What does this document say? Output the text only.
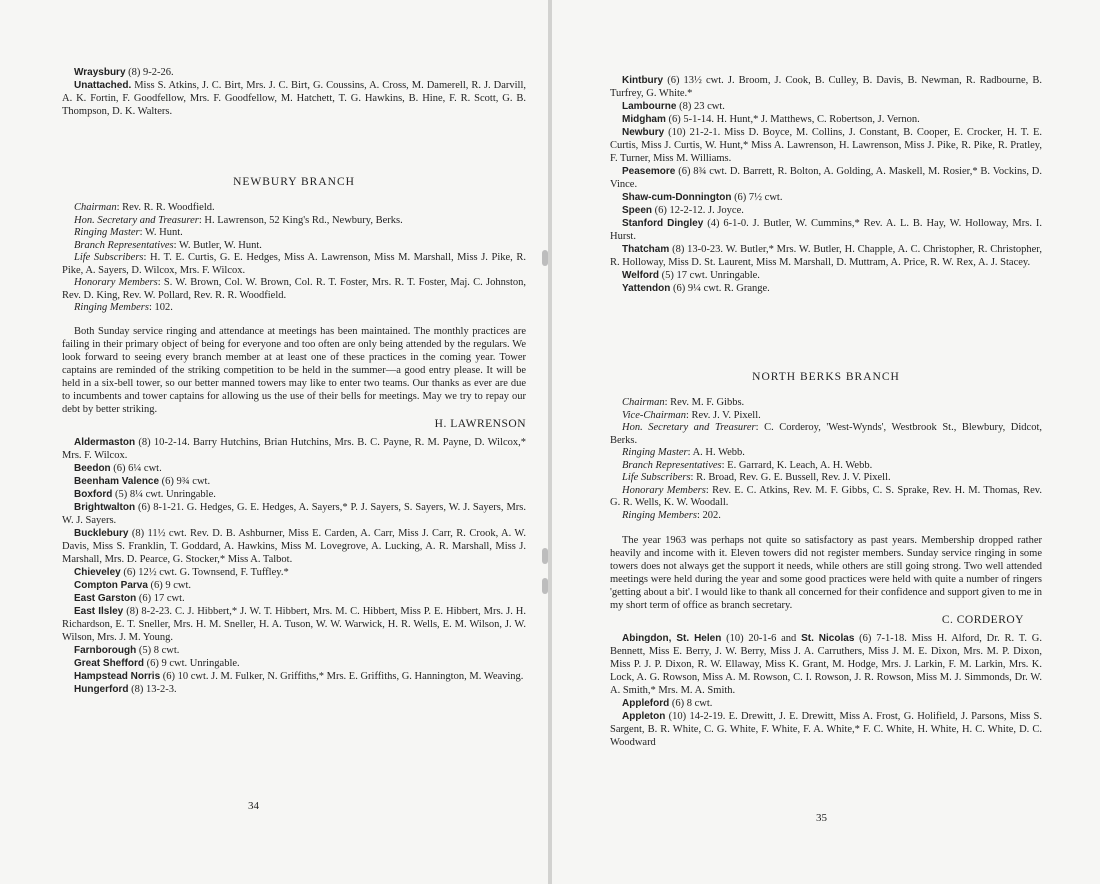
Wraysbury (8) 9-2-26.
Unattached. Miss S. Atkins, J. C. Birt, Mrs. J. C. Birt, G. Coussins, A. Cross, M. Damerell, R. J. Darvill, A. K. Fortin, F. Goodfellow, Mrs. F. Goodfellow, M. Hatchett, T. G. Hawkins, B. Hine, F. R. Scott, G. B. Thompson, D. K. Walters.
NEWBURY BRANCH
Chairman: Rev. R. R. Woodfield.
Hon. Secretary and Treasurer: H. Lawrenson, 52 King's Rd., Newbury, Berks.
Ringing Master: W. Hunt.
Branch Representatives: W. Butler, W. Hunt.
Life Subscribers: H. T. E. Curtis, G. E. Hedges, Miss A. Lawrenson, Miss M. Marshall, Miss J. Pike, R. Pike, A. Sayers, D. Wilcox, Mrs. F. Wilcox.
Honorary Members: S. W. Brown, Col. W. Brown, Col. R. T. Foster, Mrs. R. T. Foster, Maj. C. Johnston, Rev. D. King, Rev. W. Pollard, Rev. R. R. Woodfield.
Ringing Members: 102.

Both Sunday service ringing and attendance at meetings has been maintained. The monthly practices are failing in their primary object of being for everyone and too often are only being attended by the regulars. We look forward to seeing every branch member at at least one of these practices in the coming year. Tower captains are reminded of the striking competition to be held in the summer—a good entry please. It will be held in a six-bell tower, so our better manned towers may like to enter two teams. Our thanks as ever are due to incumbents and tower captains for allowing us the use of their bells for meetings. May we try to repay our debt by better striking.

H. LAWRENSON
Aldermaston (8) 10-2-14. Barry Hutchins, Brian Hutchins, Mrs. B. C. Payne, R. M. Payne, D. Wilcox,* Mrs. F. Wilcox.
Beedon (6) 6¼ cwt.
Beenham Valence (6) 9¾ cwt.
Boxford (5) 8¼ cwt. Unringable.
Brightwalton (6) 8-1-21. G. Hedges, G. E. Hedges, A. Sayers,* P. J. Sayers, S. Sayers, W. J. Sayers, Mrs. W. J. Sayers.
Bucklebury (8) 11½ cwt. Rev. D. B. Ashburner, Miss E. Carden, A. Carr, Miss J. Carr, R. Crook, A. W. Davis, Miss S. Franklin, T. Goddard, A. Hawkins, Miss M. Lovegrove, A. Lucking, A. R. Marshall, Miss J. Marshall, Mrs. D. Pearce, G. Stocker,* Miss A. Talbot.
Chieveley (6) 12½ cwt. G. Townsend, F. Tuffley.*
Compton Parva (6) 9 cwt.
East Garston (6) 17 cwt.
East Ilsley (8) 8-2-23. C. J. Hibbert,* J. W. T. Hibbert, Mrs. M. C. Hibbert, Miss P. E. Hibbert, Mrs. J. H. Richardson, E. T. Sneller, Mrs. H. M. Sneller, H. A. Tuson, W. W. Warwick, H. R. Wells, E. M. Wilson, J. W. Wilson, Mrs. J. M. Young.
Farnborough (5) 8 cwt.
Great Shefford (6) 9 cwt. Unringable.
Hampstead Norris (6) 10 cwt. J. M. Fulker, N. Griffiths,* Mrs. E. Griffiths, G. Hannington, M. Weaving.
Hungerford (8) 13-2-3.
34
Kintbury (6) 13½ cwt. J. Broom, J. Cook, B. Culley, B. Davis, B. Newman, R. Radbourne, B. Turfrey, G. White.*
Lambourne (8) 23 cwt.
Midgham (6) 5-1-14. H. Hunt,* J. Matthews, C. Robertson, J. Vernon.
Newbury (10) 21-2-1. Miss D. Boyce, M. Collins, J. Constant, B. Cooper, E. Crocker, H. T. E. Curtis, Miss J. Curtis, W. Hunt,* Miss A. Lawrenson, H. Lawrenson, Miss J. Pike, R. Pike, R. Pratley, F. Turner, Miss M. Williams.
Peasemore (6) 8¾ cwt. D. Barrett, R. Bolton, A. Golding, A. Maskell, M. Rosier,* B. Vockins, D. Vince.
Shaw-cum-Donnington (6) 7½ cwt.
Speen (6) 12-2-12. J. Joyce.
Stanford Dingley (4) 6-1-0. J. Butler, W. Cummins,* Rev. A. L. B. Hay, W. Holloway, Mrs. I. Hurst.
Thatcham (8) 13-0-23. W. Butler,* Mrs. W. Butler, H. Chapple, A. C. Christopher, R. Christopher, R. Holloway, Miss D. St. Laurent, Miss M. Marshall, D. Muttram, A. Price, R. W. Rex, A. J. Stacey.
Welford (5) 17 cwt. Unringable.
Yattendon (6) 9¼ cwt. R. Grange.
NORTH BERKS BRANCH
Chairman: Rev. M. F. Gibbs.
Vice-Chairman: Rev. J. V. Pixell.
Hon. Secretary and Treasurer: C. Corderoy, 'West-Wynds', Westbrook St., Blewbury, Didcot, Berks.
Ringing Master: A. H. Webb.
Branch Representatives: E. Garrard, K. Leach, A. H. Webb.
Life Subscribers: R. Broad, Rev. G. E. Bussell, Rev. J. V. Pixell.
Honorary Members: Rev. E. C. Atkins, Rev. M. F. Gibbs, C. S. Sprake, Rev. H. M. Thomas, Rev. G. R. Wells, K. W. Woodall.
Ringing Members: 202.

The year 1963 was perhaps not quite so satisfactory as past years. Membership dropped rather heavily and income with it. Eleven towers did not register members. Sunday service ringing in some towers does not always get the support it needs, while others are still going strong. Two well attended meetings were held during the year and some good practices were held with quite a number of ringers 'getting about a bit'. I would like to thank all concerned for their confidence and support given to me in my short term of office as branch secretary.

C. CORDEROY
Abingdon, St. Helen (10) 20-1-6 and St. Nicolas (6) 7-1-18. Miss H. Alford, Dr. R. T. G. Bennett, Miss E. Berry, J. W. Berry, Miss J. A. Carruthers, Miss J. M. E. Dixon, Mrs. M. P. Dixon, Miss P. J. P. Dixon, R. W. Ellaway, Miss K. Grant, M. Hodge, Mrs. J. Larkin, F. M. Larkin, Mrs. K. Lock, A. G. Rowson, Miss A. M. Rowson, C. I. Rowson, J. R. Rowson, Miss M. J. Simmonds, Dr. W. A. Smith,* Mrs. M. A. Smith.
Appleford (6) 8 cwt.
Appleton (10) 14-2-19. E. Drewitt, J. E. Drewitt, Miss A. Frost, G. Holifield, J. Parsons, Miss S. Sargent, B. R. White, C. G. White, F. White, F. A. White,* F. C. White, H. White, H. C. White, D. C. Woodward
35
